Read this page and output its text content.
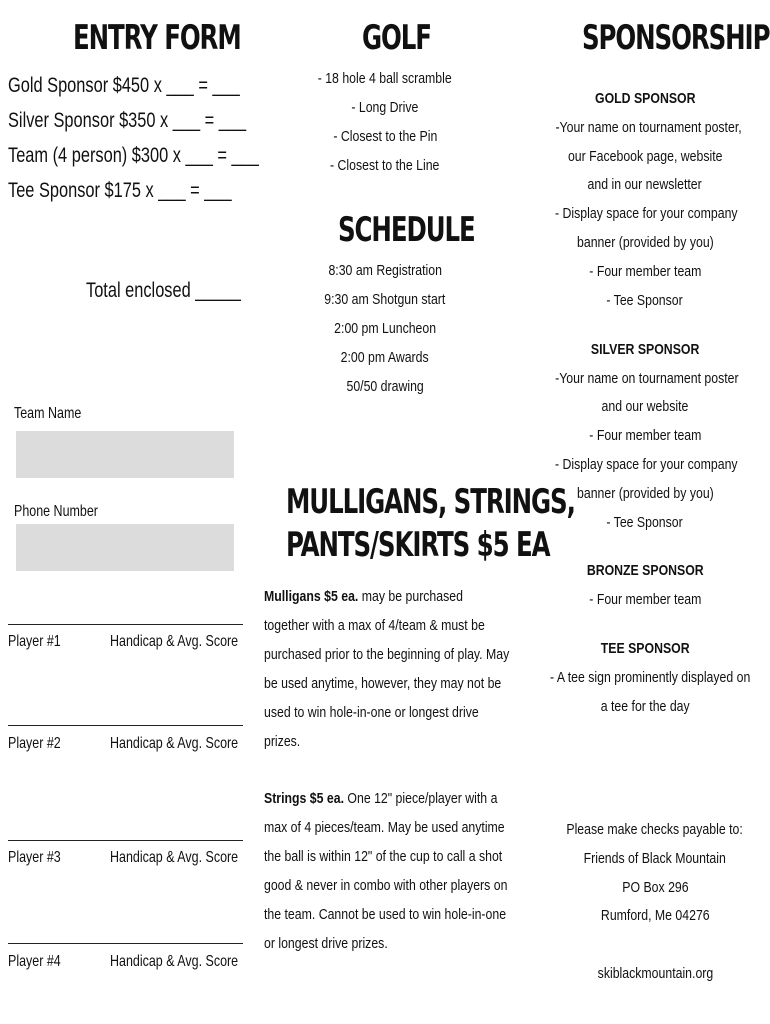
ENTRY FORM
Gold Sponsor $450 x ___ = ___
Silver Sponsor $350 x ___ = ___
Team (4 person) $300 x ___ = ___
Tee Sponsor $175 x ___ = ___
Total enclosed _____
Team Name
Phone Number
Player #1	Handicap & Avg. Score
Player #2	Handicap & Avg. Score
Player #3	Handicap & Avg. Score
Player #4	Handicap & Avg. Score
GOLF
- 18 hole 4 ball scramble
- Long Drive
- Closest to the Pin
- Closest to the Line
SCHEDULE
8:30 am Registration
9:30 am Shotgun start
2:00 pm Luncheon
2:00 pm Awards
50/50 drawing
MULLIGANS, STRINGS,
PANTS/SKIRTS $5 EA
Mulligans $5 ea. may be purchased together with a max of 4/team & must be purchased prior to the beginning of play. May be used anytime, however, they may not be used to win hole-in-one or longest drive prizes.
Strings $5 ea. One 12" piece/player with a max of 4 pieces/team. May be used anytime the ball is within 12" of the cup to call a shot good & never in combo with other players on the team. Cannot be used to win hole-in-one or longest drive prizes.
SPONSORSHIP
GOLD SPONSOR
-Your name on tournament poster,
our Facebook page, website
and in our newsletter
- Display space for your company
banner (provided by you)
- Four member team
- Tee Sponsor
SILVER SPONSOR
-Your name on tournament poster
and our website
- Four member team
- Display space for your company
banner (provided by you)
- Tee Sponsor
BRONZE SPONSOR
- Four member team
TEE SPONSOR
- A tee sign prominently displayed on
a tee for the day
Please make checks payable to:
Friends of Black Mountain
PO Box 296
Rumford, Me 04276
skiblackmountain.org
